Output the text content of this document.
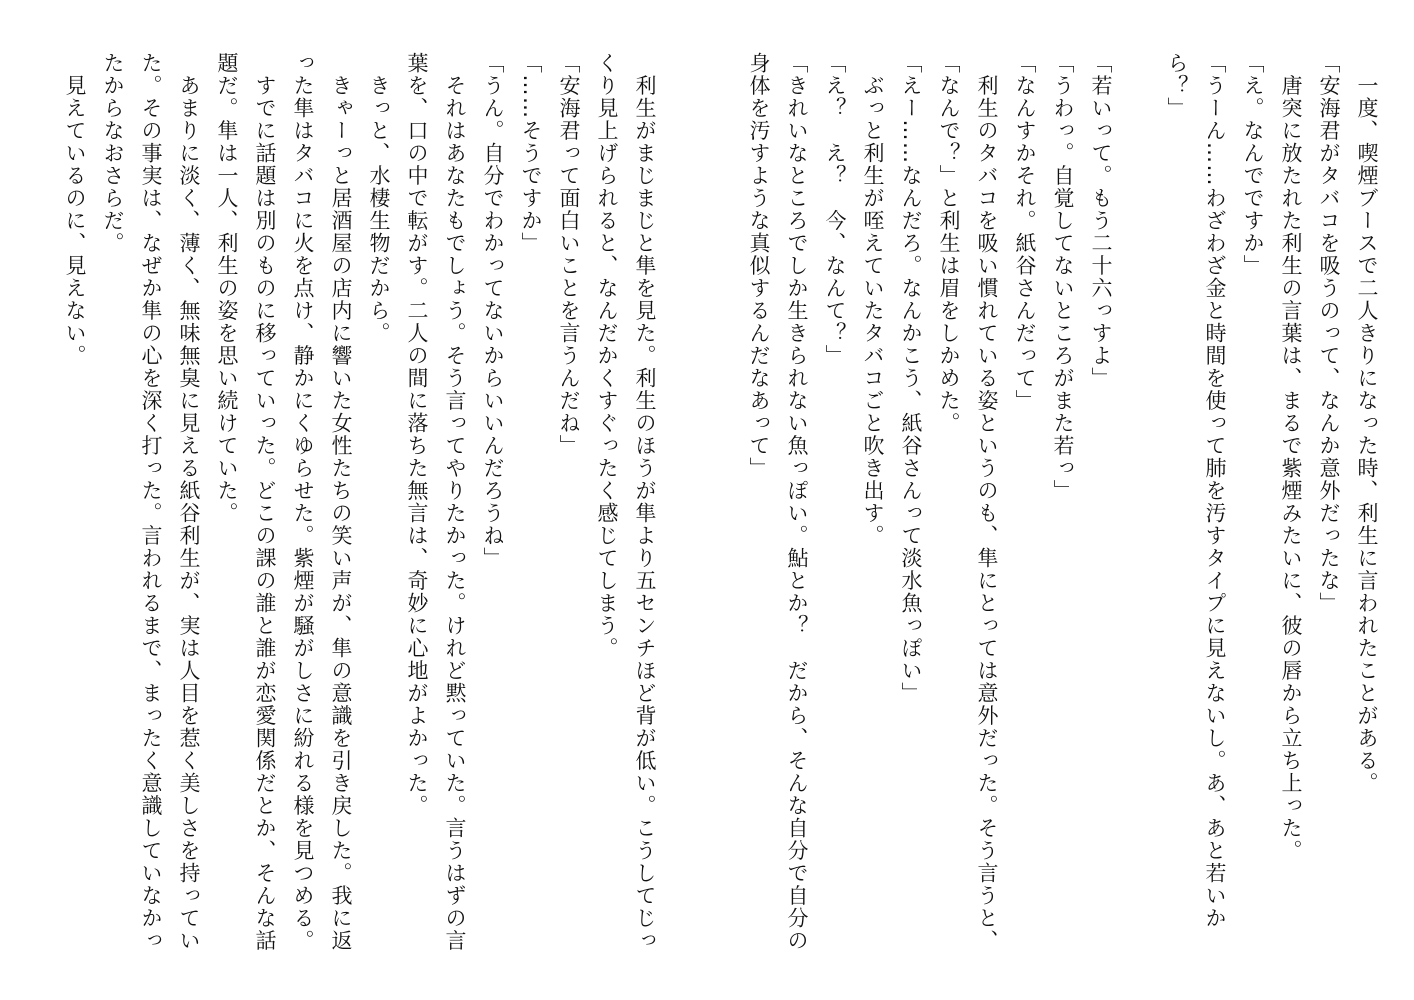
　一度、喫煙ブースで二人きりになった時、利生に言われたことがある。

「安海君がタバコを吸うのって、なんか意外だったな」

　唐突に放たれた利生の言葉は、まるで紫煙みたいに、彼の唇から立ち上った。

「え。なんでですか」

「うーん……わざわざ金と時間を使って肺を汚すタイプに見えないし。あ、あと若いから？」

「若いって。もう二十六っすよ」

「うわっ。自覚してないところがまた若っ」

「なんすかそれ。紙谷さんだって」

　利生のタバコを吸い慣れている姿というのも、隼にとっては意外だった。そう言うと、

「なんで？」と利生は眉をしかめた。

「えー……なんだろ。なんかこう、紙谷さんって淡水魚っぽい」

　ぶっと利生が咥えていたタバコごと吹き出す。

「え？　え？　今、なんて？」

「きれいなところでしか生きられない魚っぽい。鮎とか？　だから、そんな自分で自分の身体を汚すような真似するんだなあって」

　利生がまじまじと隼を見た。利生のほうが隼より五センチほど背が低い。こうしてじっくり見上げられると、なんだかくすぐったく感じてしまう。

「安海君って面白いことを言うんだね」

「……そうですか」

「うん。自分でわかってないからいいんだろうね」

　それはあなたもでしょう。そう言ってやりたかった。けれど黙っていた。言うはずの言葉を、口の中で転がす。二人の間に落ちた無言は、奇妙に心地がよかった。

　きっと、水棲生物だから。

　きゃーっと居酒屋の店内に響いた女性たちの笑い声が、隼の意識を引き戻した。我に返った隼はタバコに火を点け、静かにくゆらせた。紫煙が騒がしさに紛れる様を見つめる。

　すでに話題は別のものに移っていった。どこの課の誰と誰が恋愛関係だとか、そんな話題だ。隼は一人、利生の姿を思い続けていた。

　あまりに淡く、薄く、無味無臭に見える紙谷利生が、実は人目を惹く美しさを持っていた。その事実は、なぜか隼の心を深く打った。言われるまで、まったく意識していなかったからなおさらだ。

　見えているのに、見えない。
